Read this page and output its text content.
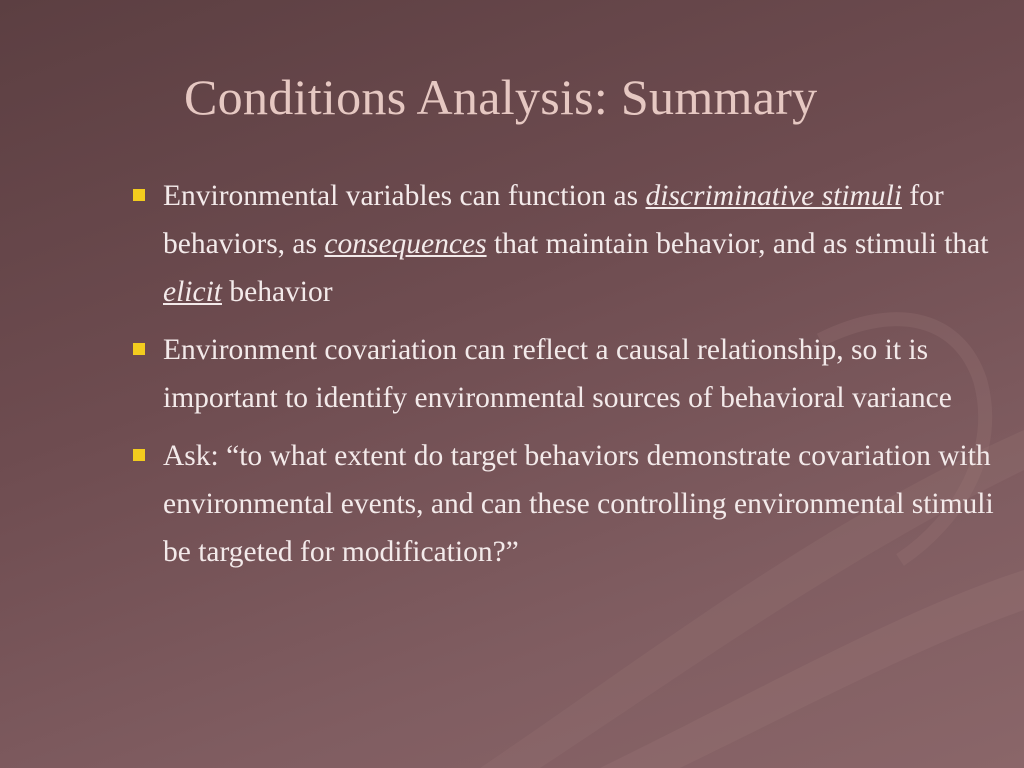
Conditions Analysis: Summary
Environmental variables can function as discriminative stimuli for behaviors, as consequences that maintain behavior, and as stimuli that elicit behavior
Environment covariation can reflect a causal relationship, so it is important to identify environmental sources of behavioral variance
Ask: “to what extent do target behaviors demonstrate covariation with environmental events, and can these controlling environmental stimuli be targeted for modification?”
